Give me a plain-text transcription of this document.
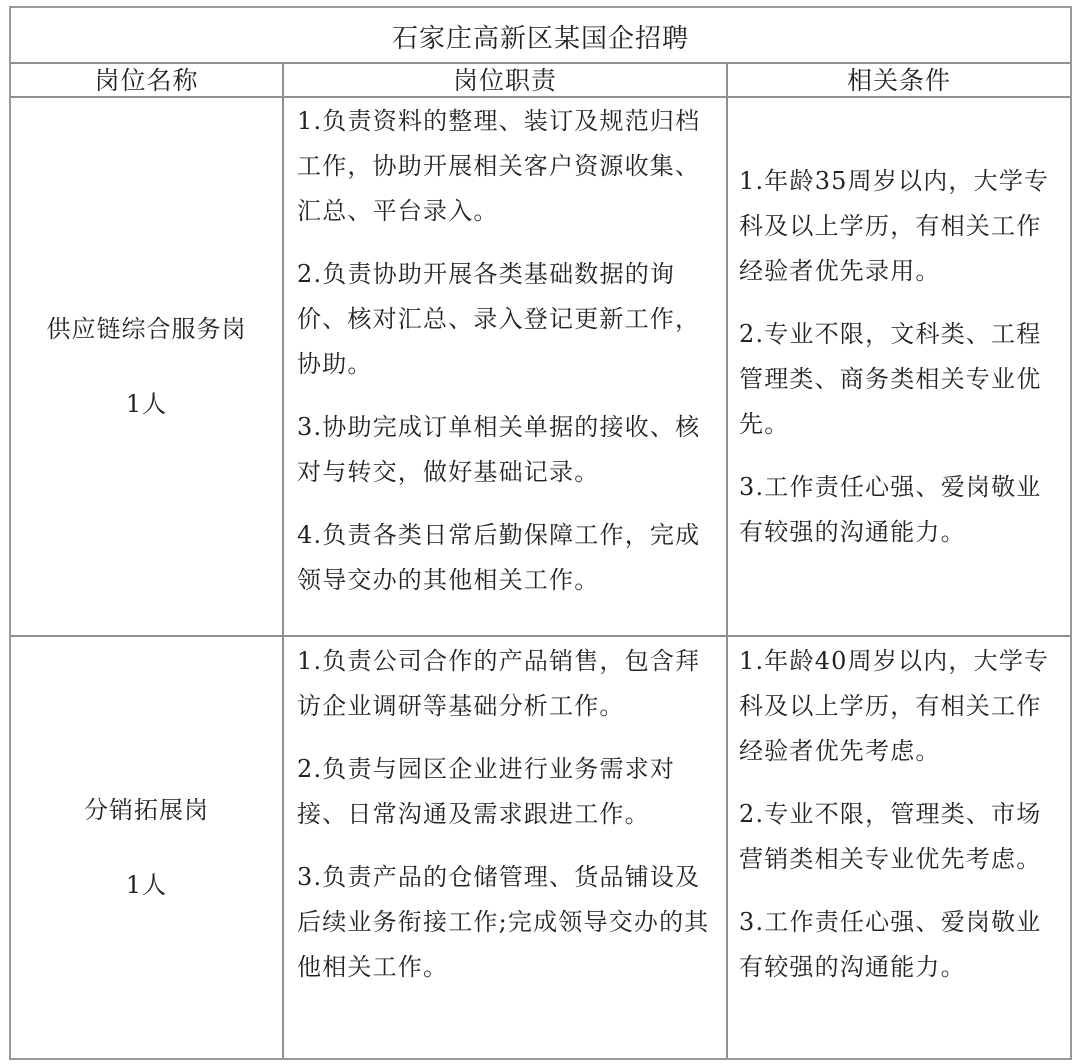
石家庄高新区某国企招聘
岗位名称	岗位职责	相关条件
供应链综合服务岗
1人

1.负责资料的整理、装订及规范归档工作，协助开展相关客户资源收集、汇总、平台录入。

2.负责协助开展各类基础数据的询价、核对汇总、录入登记更新工作，协助。

3.协助完成订单相关单据的接收、核对与转交，做好基础记录。

4.负责各类日常后勤保障工作，完成领导交办的其他相关工作。

1.年龄35周岁以内，大学专科及以上学历，有相关工作经验者优先录用。

2.专业不限，文科类、工程管理类、商务类相关专业优先。

3.工作责任心强、爱岗敬业有较强的沟通能力。

分销拓展岗
1人

1.负责公司合作的产品销售，包含拜访企业调研等基础分析工作。

2.负责与园区企业进行业务需求对接、日常沟通及需求跟进工作。

3.负责产品的仓储管理、货品铺设及后续业务衔接工作;完成领导交办的其他相关工作。

1.年龄40周岁以内，大学专科及以上学历，有相关工作经验者优先考虑。

2.专业不限，管理类、市场营销类相关专业优先考虑。

3.工作责任心强、爱岗敬业有较强的沟通能力。
